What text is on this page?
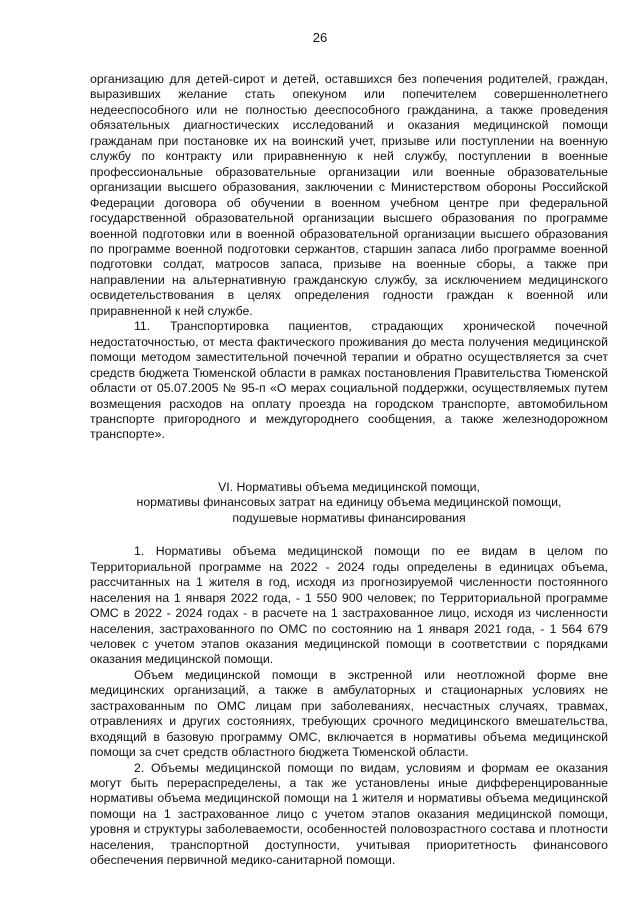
26

организацию для детей-сирот и детей, оставшихся без попечения родителей, граждан, выразивших желание стать опекуном или попечителем совершеннолетнего недееспособного или не полностью дееспособного гражданина, а также проведения обязательных диагностических исследований и оказания медицинской помощи гражданам при постановке их на воинский учет, призыве или поступлении на военную службу по контракту или приравненную к ней службу, поступлении в военные профессиональные образовательные организации или военные образовательные организации высшего образования, заключении с Министерством обороны Российской Федерации договора об обучении в военном учебном центре при федеральной государственной образовательной организации высшего образования по программе военной подготовки или в военной образовательной организации высшего образования по программе военной подготовки сержантов, старшин запаса либо программе военной подготовки солдат, матросов запаса, призыве на военные сборы, а также при направлении на альтернативную гражданскую службу, за исключением медицинского освидетельствования в целях определения годности граждан к военной или приравненной к ней службе.

11. Транспортировка пациентов, страдающих хронической почечной недостаточностью, от места фактического проживания до места получения медицинской помощи методом заместительной почечной терапии и обратно осуществляется за счет средств бюджета Тюменской области в рамках постановления Правительства Тюменской области от 05.07.2005 № 95-п «О мерах социальной поддержки, осуществляемых путем возмещения расходов на оплату проезда на городском транспорте, автомобильном транспорте пригородного и междугороднего сообщения, а также железнодорожном транспорте».

VI. Нормативы объема медицинской помощи,
нормативы финансовых затрат на единицу объема медицинской помощи,
подушевые нормативы финансирования

1. Нормативы объема медицинской помощи по ее видам в целом по Территориальной программе на 2022 - 2024 годы определены в единицах объема, рассчитанных на 1 жителя в год, исходя из прогнозируемой численности постоянного населения на 1 января 2022 года, - 1 550 900 человек; по Территориальной программе ОМС в 2022 - 2024 годах - в расчете на 1 застрахованное лицо, исходя из численности населения, застрахованного по ОМС по состоянию на 1 января 2021 года, - 1 564 679 человек с учетом этапов оказания медицинской помощи в соответствии с порядками оказания медицинской помощи.

Объем медицинской помощи в экстренной или неотложной форме вне медицинских организаций, а также в амбулаторных и стационарных условиях не застрахованным по ОМС лицам при заболеваниях, несчастных случаях, травмах, отравлениях и других состояниях, требующих срочного медицинского вмешательства, входящий в базовую программу ОМС, включается в нормативы объема медицинской помощи за счет средств областного бюджета Тюменской области.

2. Объемы медицинской помощи по видам, условиям и формам ее оказания могут быть перераспределены, а так же установлены иные дифференцированные нормативы объема медицинской помощи на 1 жителя и нормативы объема медицинской помощи на 1 застрахованное лицо с учетом этапов оказания медицинской помощи, уровня и структуры заболеваемости, особенностей половозрастного состава и плотности населения, транспортной доступности, учитывая приоритетность финансового обеспечения первичной медико-санитарной помощи.
